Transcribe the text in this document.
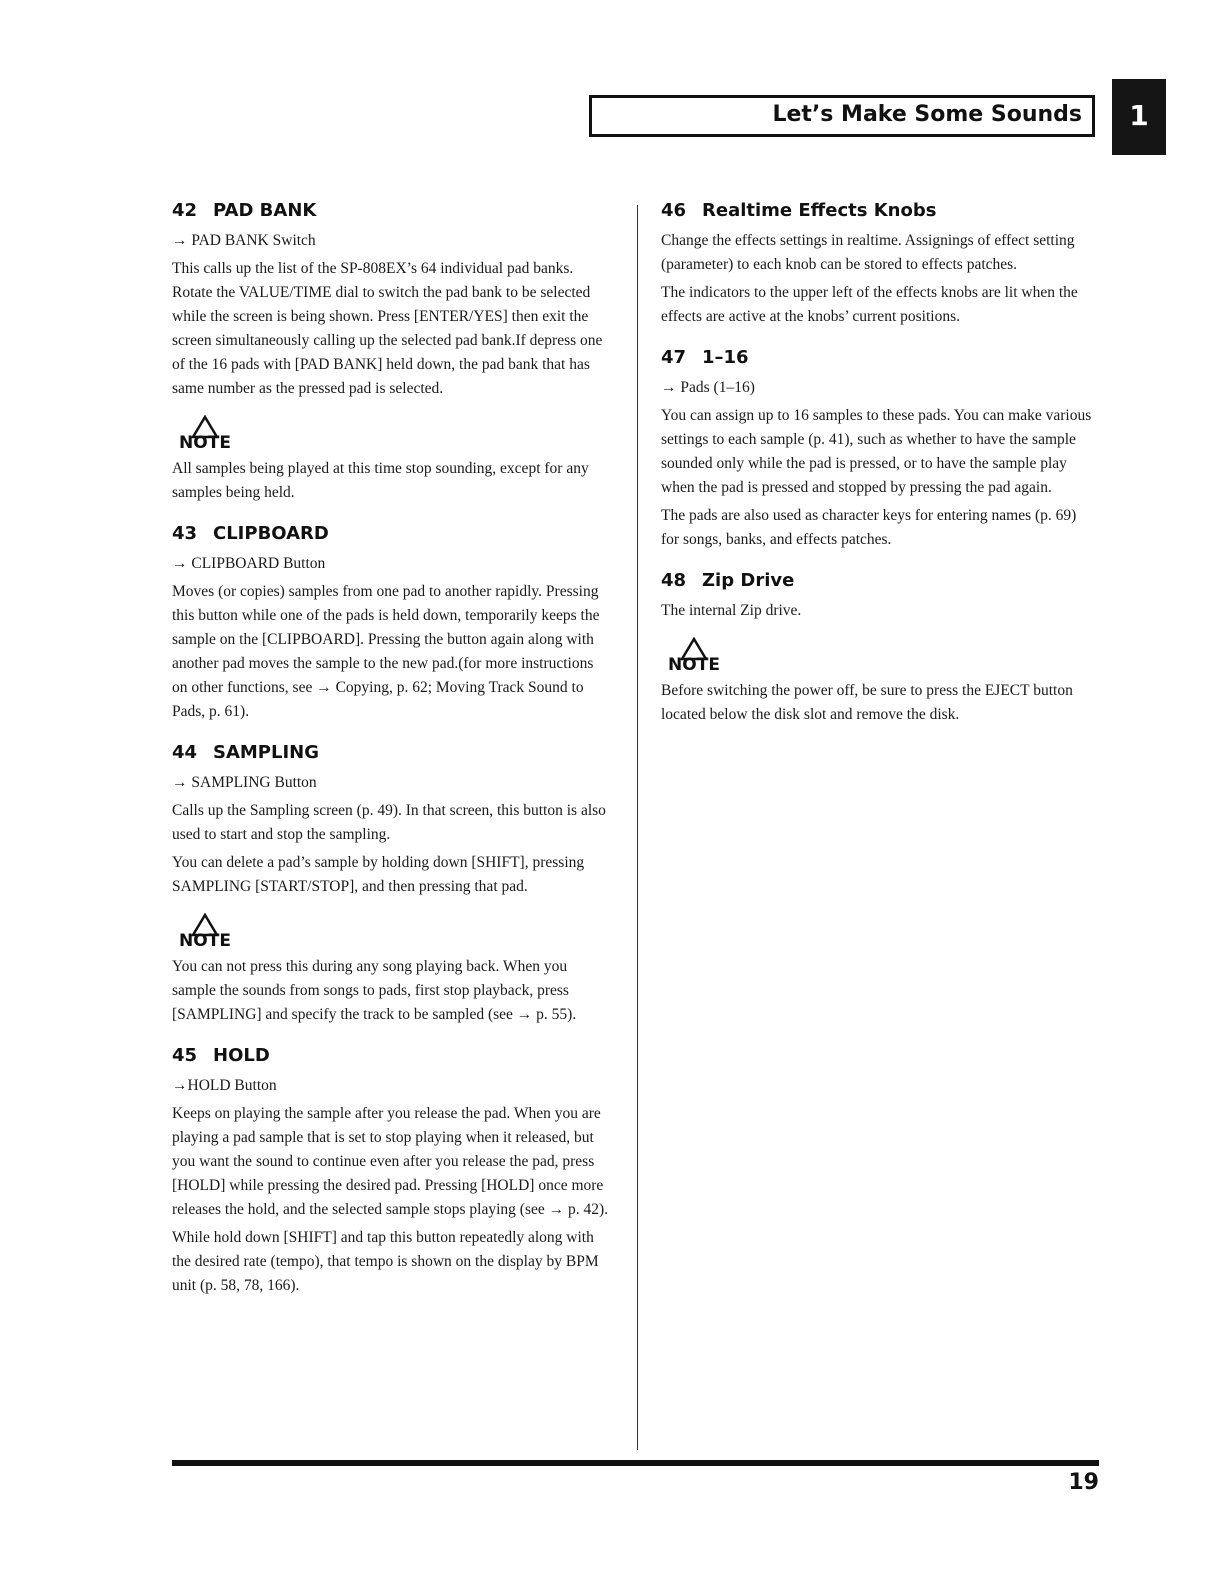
Let’s Make Some Sounds	1
42 PAD BANK

→ PAD BANK Switch

This calls up the list of the SP-808EX’s 64 individual pad banks. Rotate the VALUE/TIME dial to switch the pad bank to be selected while the screen is being shown. Press [ENTER/YES] then exit the screen simultaneously calling up the selected pad bank.If depress one of the 16 pads with [PAD BANK] held down, the pad bank that has same number as the pressed pad is selected.

NOTE

All samples being played at this time stop sounding, except for any samples being held.

43 CLIPBOARD

→ CLIPBOARD Button

Moves (or copies) samples from one pad to another rapidly. Pressing this button while one of the pads is held down, temporarily keeps the sample on the [CLIPBOARD]. Pressing the button again along with another pad moves the sample to the new pad.(for more instructions on other functions, see → Copying, p. 62; Moving Track Sound to Pads, p. 61).

44 SAMPLING

→ SAMPLING Button

Calls up the Sampling screen (p. 49). In that screen, this button is also used to start and stop the sampling.

You can delete a pad’s sample by holding down [SHIFT], pressing SAMPLING [START/STOP], and then pressing that pad.

NOTE

You can not press this during any song playing back. When you sample the sounds from songs to pads, first stop playback, press [SAMPLING] and specify the track to be sampled (see → p. 55).

45 HOLD

→HOLD Button

Keeps on playing the sample after you release the pad. When you are playing a pad sample that is set to stop playing when it released, but you want the sound to continue even after you release the pad, press [HOLD] while pressing the desired pad. Pressing [HOLD] once more releases the hold, and the selected sample stops playing (see → p. 42).

While hold down [SHIFT] and tap this button repeatedly along with the desired rate (tempo), that tempo is shown on the display by BPM unit (p. 58, 78, 166).

46 Realtime Effects Knobs

Change the effects settings in realtime. Assignings of effect setting (parameter) to each knob can be stored to effects patches.

The indicators to the upper left of the effects knobs are lit when the effects are active at the knobs’ current positions.

47 1–16

→ Pads (1–16)

You can assign up to 16 samples to these pads. You can make various settings to each sample (p. 41), such as whether to have the sample sounded only while the pad is pressed, or to have the sample play when the pad is pressed and stopped by pressing the pad again.

The pads are also used as character keys for entering names (p. 69) for songs, banks, and effects patches.

48 Zip Drive

The internal Zip drive.

NOTE

Before switching the power off, be sure to press the EJECT button located below the disk slot and remove the disk.

19
